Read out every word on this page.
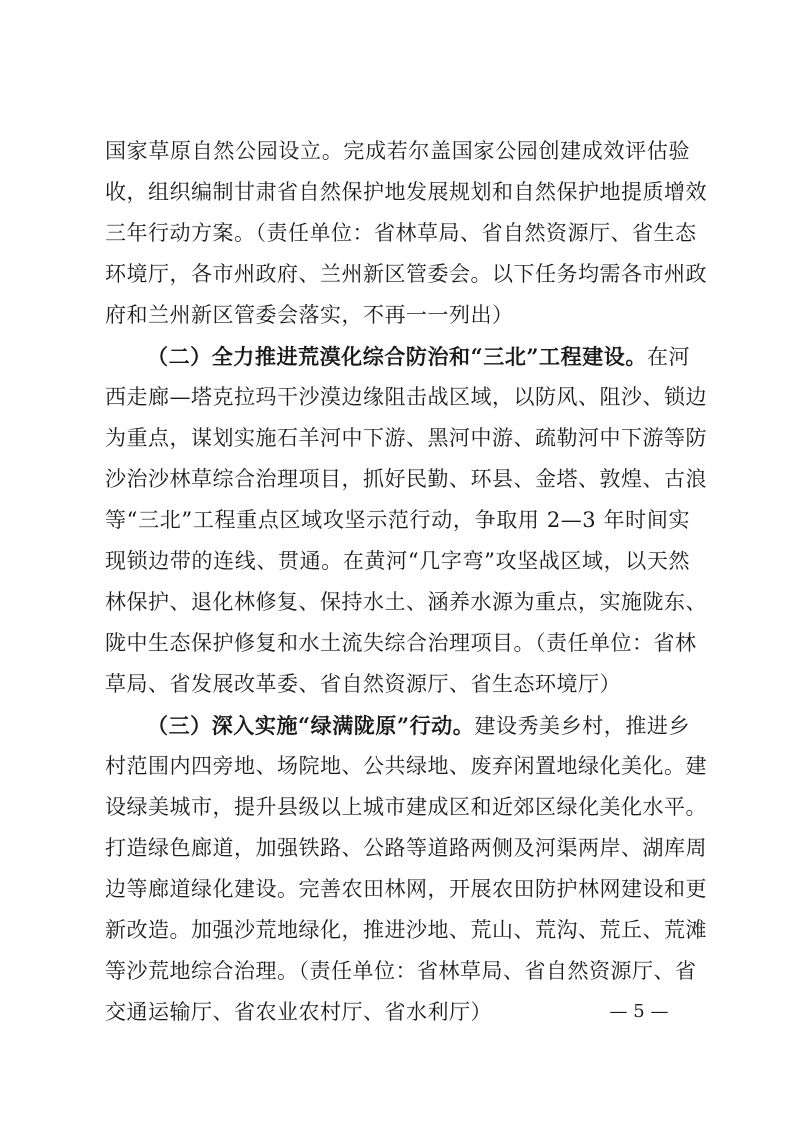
国家草原自然公园设立。完成若尔盖国家公园创建成效评估验
收，组织编制甘肃省自然保护地发展规划和自然保护地提质增效
三年行动方案。（责任单位：省林草局、省自然资源厅、省生态
环境厅，各市州政府、兰州新区管委会。以下任务均需各市州政
府和兰州新区管委会落实，不再一一列出）
（二）全力推进荒漠化综合防治和“三北”工程建设。在河
西走廊—塔克拉玛干沙漠边缘阻击战区域，以防风、阻沙、锁边
为重点，谋划实施石羊河中下游、黑河中游、疏勒河中下游等防
沙治沙林草综合治理项目，抓好民勤、环县、金塔、敦煌、古浪
等“三北”工程重点区域攻坚示范行动，争取用 2—3 年时间实
现锁边带的连线、贯通。在黄河“几字弯”攻坚战区域，以天然
林保护、退化林修复、保持水土、涵养水源为重点，实施陇东、
陇中生态保护修复和水土流失综合治理项目。（责任单位：省林
草局、省发展改革委、省自然资源厅、省生态环境厅）
（三）深入实施“绿满陇原”行动。建设秀美乡村，推进乡
村范围内四旁地、场院地、公共绿地、废弃闲置地绿化美化。建
设绿美城市，提升县级以上城市建成区和近郊区绿化美化水平。
打造绿色廊道，加强铁路、公路等道路两侧及河渠两岸、湖库周
边等廊道绿化建设。完善农田林网，开展农田防护林网建设和更
新改造。加强沙荒地绿化，推进沙地、荒山、荒沟、荒丘、荒滩
等沙荒地综合治理。（责任单位：省林草局、省自然资源厅、省
交通运输厅、省农业农村厅、省水利厅）	— 5 —
